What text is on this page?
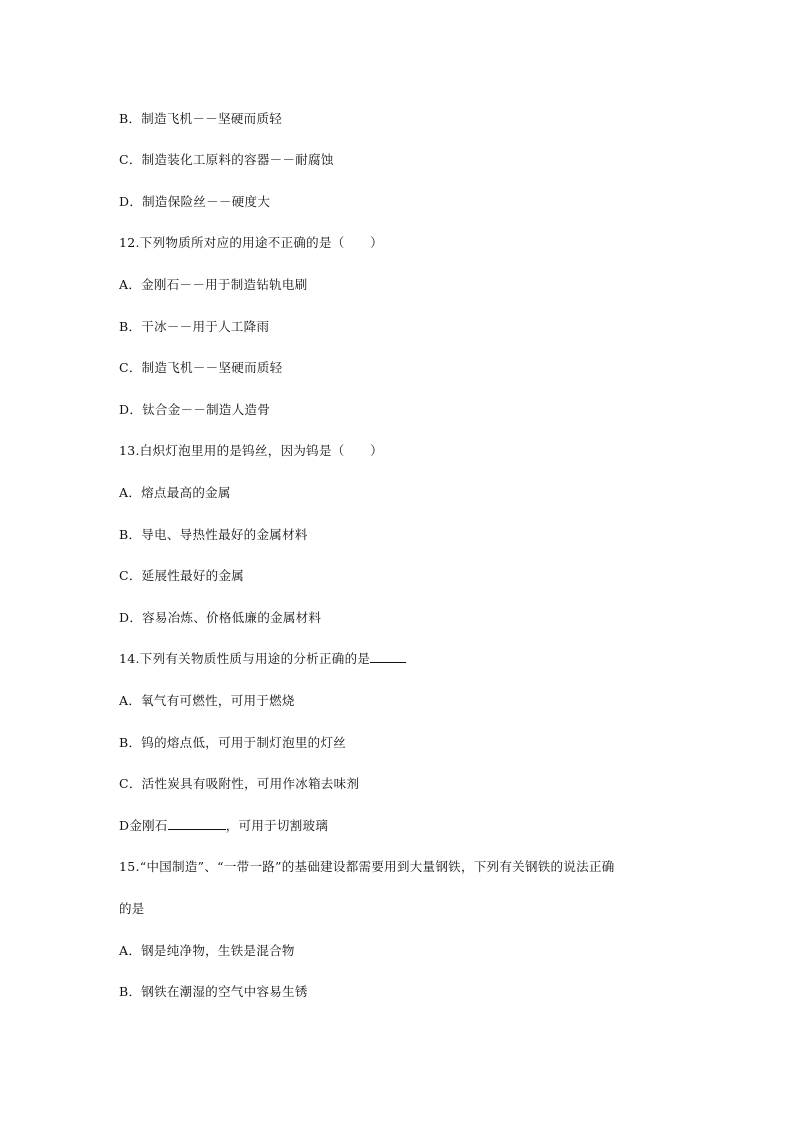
B．制造飞机－－坚硬而质轻
C．制造装化工原料的容器－－耐腐蚀
D．制造保险丝－－硬度大
12.下列物质所对应的用途不正确的是（　　）
A．金刚石－－用于制造钻轨电刷
B．干冰－－用于人工降雨
C．制造飞机－－坚硬而质轻
D．钛合金－－制造人造骨
13.白炽灯泡里用的是钨丝，因为钨是（　　）
A．熔点最高的金属
B．导电、导热性最好的金属材料
C．延展性最好的金属
D．容易冶炼、价格低廉的金属材料
14.下列有关物质性质与用途的分析正确的是
A．氧气有可燃性，可用于燃烧
B．钨的熔点低，可用于制灯泡里的灯丝
C．活性炭具有吸附性，可用作冰箱去味剂
D金刚石	，可用于切割玻璃
15.“中国制造”、“一带一路”的基础建设都需要用到大量钢铁，下列有关钢铁的说法正确
的是
A．钢是纯净物，生铁是混合物
B．钢铁在潮湿的空气中容易生锈
